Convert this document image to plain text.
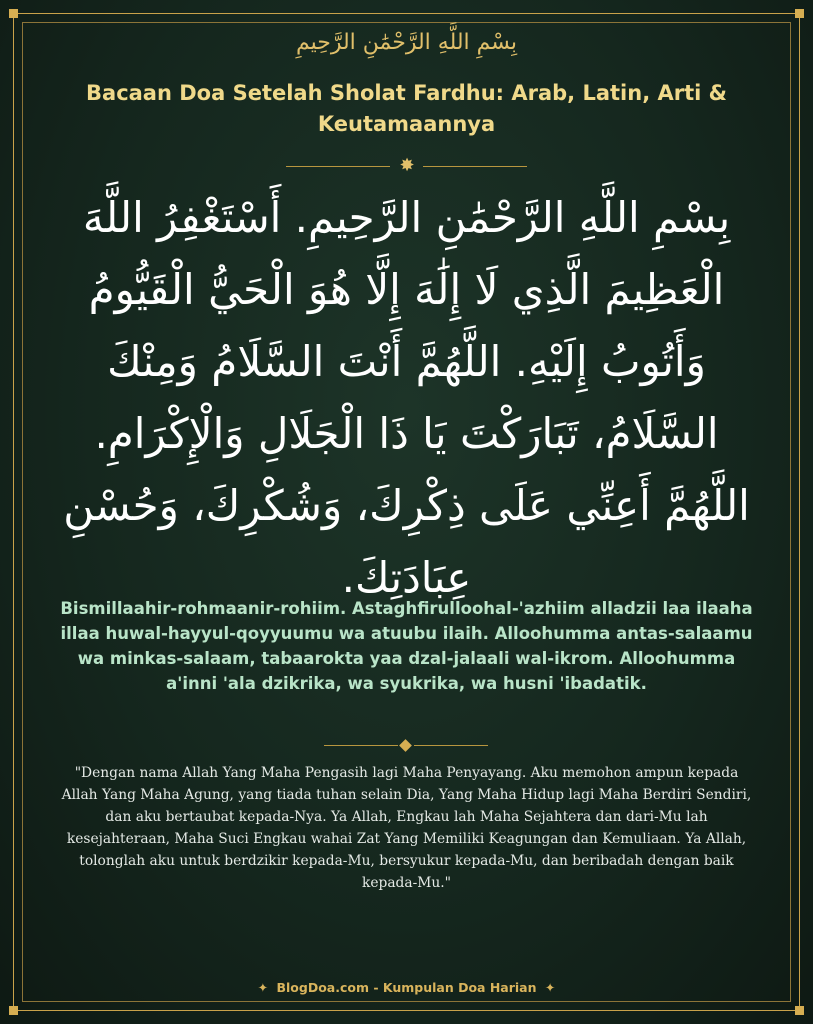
بِسْمِ اللَّهِ الرَّحْمَٰنِ الرَّحِيمِ
Bacaan Doa Setelah Sholat Fardhu: Arab, Latin, Arti & Keutamaannya
✸
بِسْمِ اللَّهِ الرَّحْمَٰنِ الرَّحِيمِ. أَسْتَغْفِرُ اللَّهَ الْعَظِيمَ الَّذِي لَا إِلَٰهَ إِلَّا هُوَ الْحَيُّ الْقَيُّومُ وَأَتُوبُ إِلَيْهِ. اللَّهُمَّ أَنْتَ السَّلَامُ وَمِنْكَ السَّلَامُ، تَبَارَكْتَ يَا ذَا الْجَلَالِ وَالْإِكْرَامِ. اللَّهُمَّ أَعِنِّي عَلَى ذِكْرِكَ، وَشُكْرِكَ، وَحُسْنِ عِبَادَتِكَ.
Bismillaahir-rohmaanir-rohiim. Astaghfirulloohal-'azhiim alladzii laa ilaaha illaa huwal-hayyul-qoyyuumu wa atuubu ilaih. Alloohumma antas-salaamu wa minkas-salaam, tabaarokta yaa dzal-jalaali wal-ikrom. Alloohumma a'inni 'ala dzikrika, wa syukrika, wa husni 'ibadatik.
"Dengan nama Allah Yang Maha Pengasih lagi Maha Penyayang. Aku memohon ampun kepada Allah Yang Maha Agung, yang tiada tuhan selain Dia, Yang Maha Hidup lagi Maha Berdiri Sendiri, dan aku bertaubat kepada-Nya. Ya Allah, Engkau lah Maha Sejahtera dan dari-Mu lah kesejahteraan, Maha Suci Engkau wahai Zat Yang Memiliki Keagungan dan Kemuliaan. Ya Allah, tolonglah aku untuk berdzikir kepada-Mu, bersyukur kepada-Mu, dan beribadah dengan baik kepada-Mu."
✦ BlogDoa.com - Kumpulan Doa Harian ✦
